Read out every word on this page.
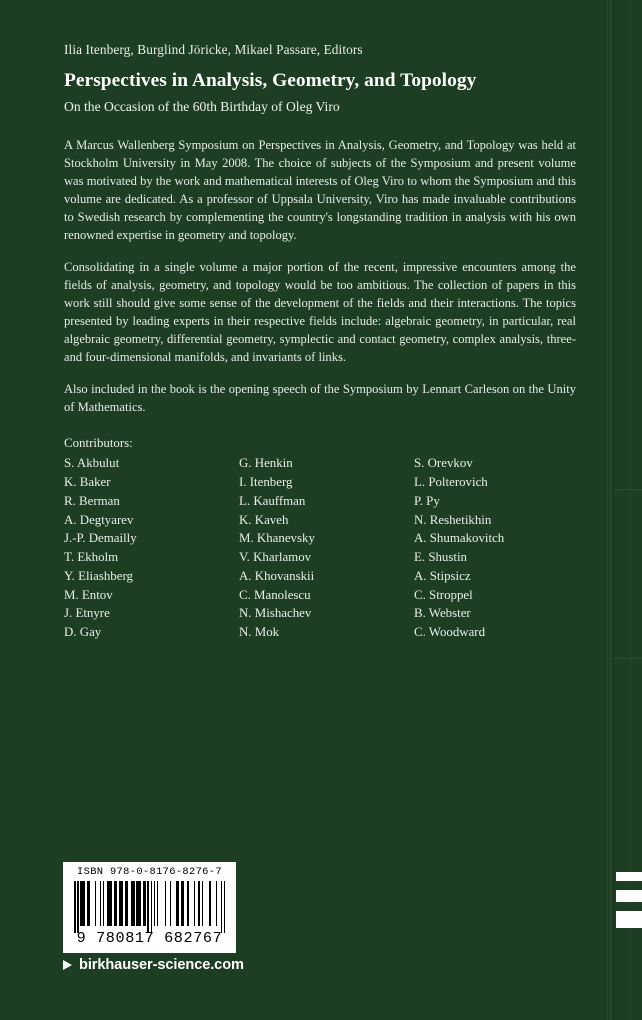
Ilia Itenberg, Burglind Jöricke, Mikael Passare, Editors
Perspectives in Analysis, Geometry, and Topology
On the Occasion of the 60th Birthday of Oleg Viro

A Marcus Wallenberg Symposium on Perspectives in Analysis, Geometry, and Topology was held at Stockholm University in May 2008. The choice of subjects of the Symposium and present volume was motivated by the work and mathematical interests of Oleg Viro to whom the Symposium and this volume are dedicated. As a professor of Uppsala University, Viro has made invaluable contributions to Swedish research by complementing the country's longstanding tradition in analysis with his own renowned expertise in geometry and topology.

Consolidating in a single volume a major portion of the recent, impressive encounters among the fields of analysis, geometry, and topology would be too ambitious. The collection of papers in this work still should give some sense of the development of the fields and their interactions. The topics presented by leading experts in their respective fields include: algebraic geometry, in particular, real algebraic geometry, differential geometry, symplectic and contact geometry, complex analysis, three- and four-dimensional manifolds, and invariants of links.

Also included in the book is the opening speech of the Symposium by Lennart Carleson on the Unity of Mathematics.

Contributors:
S. Akbulut
K. Baker
R. Berman
A. Degtyarev
J.-P. Demailly
T. Ekholm
Y. Eliashberg
M. Entov
J. Etnyre
D. Gay
G. Henkin
I. Itenberg
L. Kauffman
K. Kaveh
M. Khanevsky
V. Kharlamov
A. Khovanskii
C. Manolescu
N. Mishachev
N. Mok
S. Orevkov
L. Polterovich
P. Py
N. Reshetikhin
A. Shumakovitch
E. Shustin
A. Stipsicz
C. Stroppel
B. Webster
C. Woodward
ISBN 978-0-8176-8276-7
9 780817 682767
birkhauser-science.com
